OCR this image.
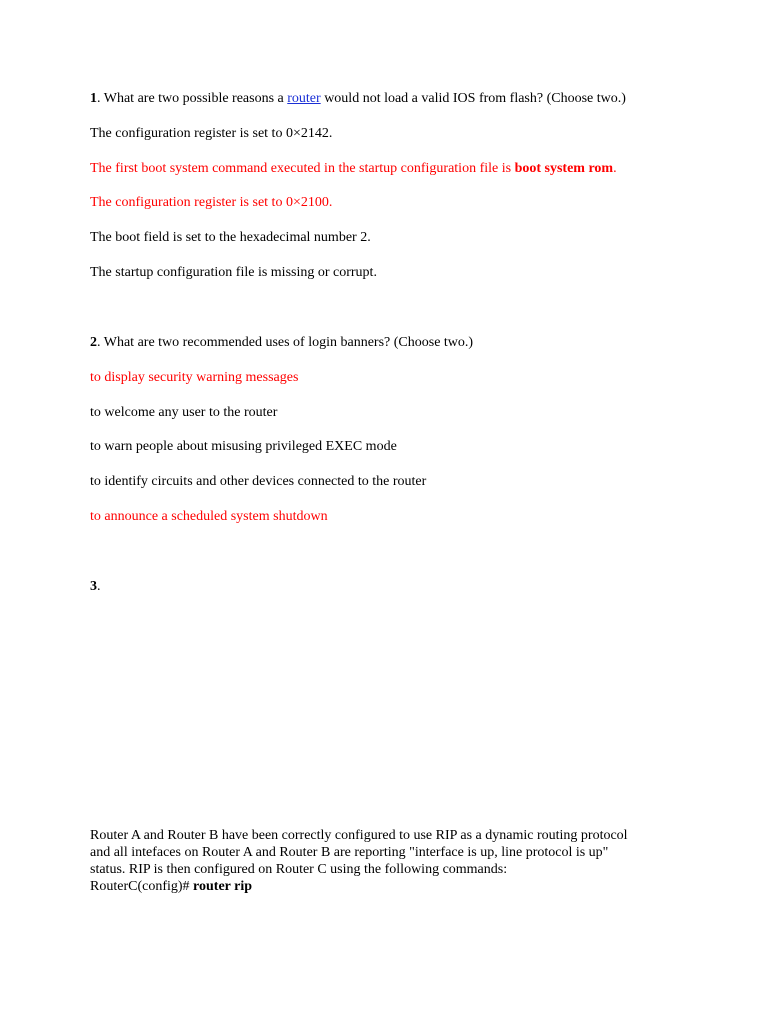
1. What are two possible reasons a router would not load a valid IOS from flash? (Choose two.)
The configuration register is set to 0×2142.
The first boot system command executed in the startup configuration file is boot system rom.
The configuration register is set to 0×2100.
The boot field is set to the hexadecimal number 2.
The startup configuration file is missing or corrupt.
2. What are two recommended uses of login banners? (Choose two.)
to display security warning messages
to welcome any user to the router
to warn people about misusing privileged EXEC mode
to identify circuits and other devices connected to the router
to announce a scheduled system shutdown
3.
Router A and Router B have been correctly configured to use RIP as a dynamic routing protocol
and all intefaces on Router A and Router B are reporting "interface is up, line protocol is up"
status. RIP is then configured on Router C using the following commands:
RouterC(config)# router rip
